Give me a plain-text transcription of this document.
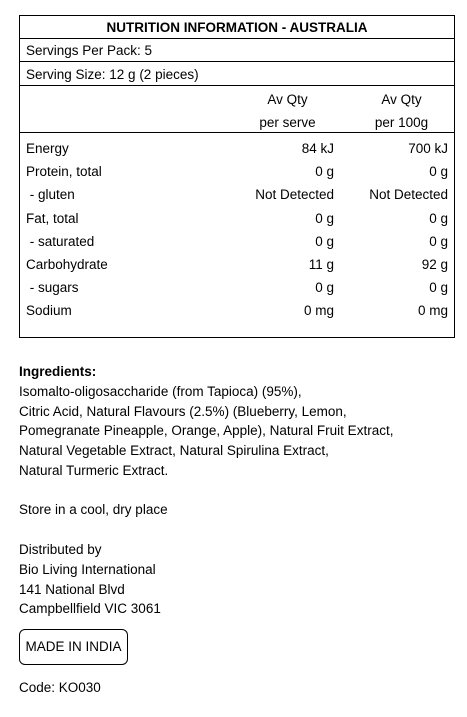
NUTRITION INFORMATION - AUSTRALIA
Servings Per Pack: 5
Serving Size: 12 g (2 pieces)
Av Qty
per serve
Av Qty
per 100g
Energy	84 kJ	700 kJ
Protein, total	0 g	0 g
- gluten	Not Detected	Not Detected
Fat, total	0 g	0 g
- saturated	0 g	0 g
Carbohydrate	11 g	92 g
- sugars	0 g	0 g
Sodium	0 mg	0 mg
Ingredients:
Isomalto-oligosaccharide (from Tapioca) (95%),
Citric Acid, Natural Flavours (2.5%) (Blueberry, Lemon,
Pomegranate Pineapple, Orange, Apple), Natural Fruit Extract,
Natural Vegetable Extract, Natural Spirulina Extract,
Natural Turmeric Extract.
Store in a cool, dry place
Distributed by
Bio Living International
141 National Blvd
Campbellfield VIC 3061
MADE IN INDIA
Code: KO030
